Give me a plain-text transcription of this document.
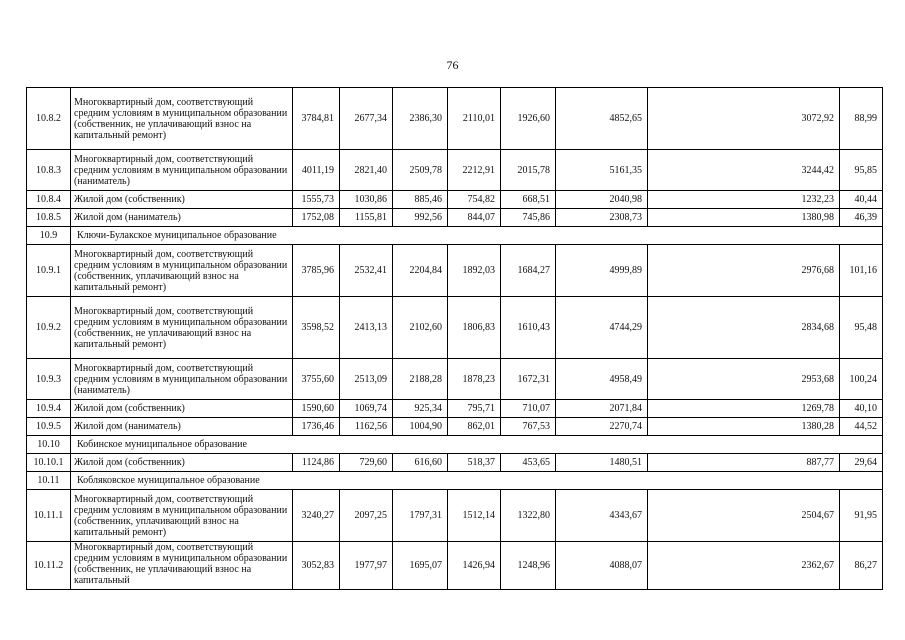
76
10.8.2	Многоквартирный дом, соответствующий средним условиям в муниципальном образовании (собственник, не уплачивающий взнос на капитальный ремонт)	3784,81	2677,34	2386,30	2110,01	1926,60	4852,65	3072,92	88,99
10.8.3	Многоквартирный дом, соответствующий средним условиям в муниципальном образовании (наниматель)	4011,19	2821,40	2509,78	2212,91	2015,78	5161,35	3244,42	95,85
10.8.4	Жилой дом (собственник)	1555,73	1030,86	885,46	754,82	668,51	2040,98	1232,23	40,44
10.8.5	Жилой дом (наниматель)	1752,08	1155,81	992,56	844,07	745,86	2308,73	1380,98	46,39
10.9	Ключи-Булакское муниципальное образование								
10.9.1	Многоквартирный дом, соответствующий средним условиям в муниципальном образовании (собственник, уплачивающий взнос на капитальный ремонт)	3785,96	2532,41	2204,84	1892,03	1684,27	4999,89	2976,68	101,16
10.9.2	Многоквартирный дом, соответствующий средним условиям в муниципальном образовании (собственник, не уплачивающий взнос на капитальный ремонт)	3598,52	2413,13	2102,60	1806,83	1610,43	4744,29	2834,68	95,48
10.9.3	Многоквартирный дом, соответствующий средним условиям в муниципальном образовании (наниматель)	3755,60	2513,09	2188,28	1878,23	1672,31	4958,49	2953,68	100,24
10.9.4	Жилой дом (собственник)	1590,60	1069,74	925,34	795,71	710,07	2071,84	1269,78	40,10
10.9.5	Жилой дом (наниматель)	1736,46	1162,56	1004,90	862,01	767,53	2270,74	1380,28	44,52
10.10	Кобинское муниципальное образование								
10.10.1	Жилой дом (собственник)	1124,86	729,60	616,60	518,37	453,65	1480,51	887,77	29,64
10.11	Кобляковское муниципальное образование								
10.11.1	Многоквартирный дом, соответствующий средним условиям в муниципальном образовании (собственник, уплачивающий взнос на капитальный ремонт)	3240,27	2097,25	1797,31	1512,14	1322,80	4343,67	2504,67	91,95
10.11.2	Многоквартирный дом, соответствующий средним условиям в муниципальном образовании (собственник, не уплачивающий взнос на капитальный	3052,83	1977,97	1695,07	1426,94	1248,96	4088,07	2362,67	86,27
